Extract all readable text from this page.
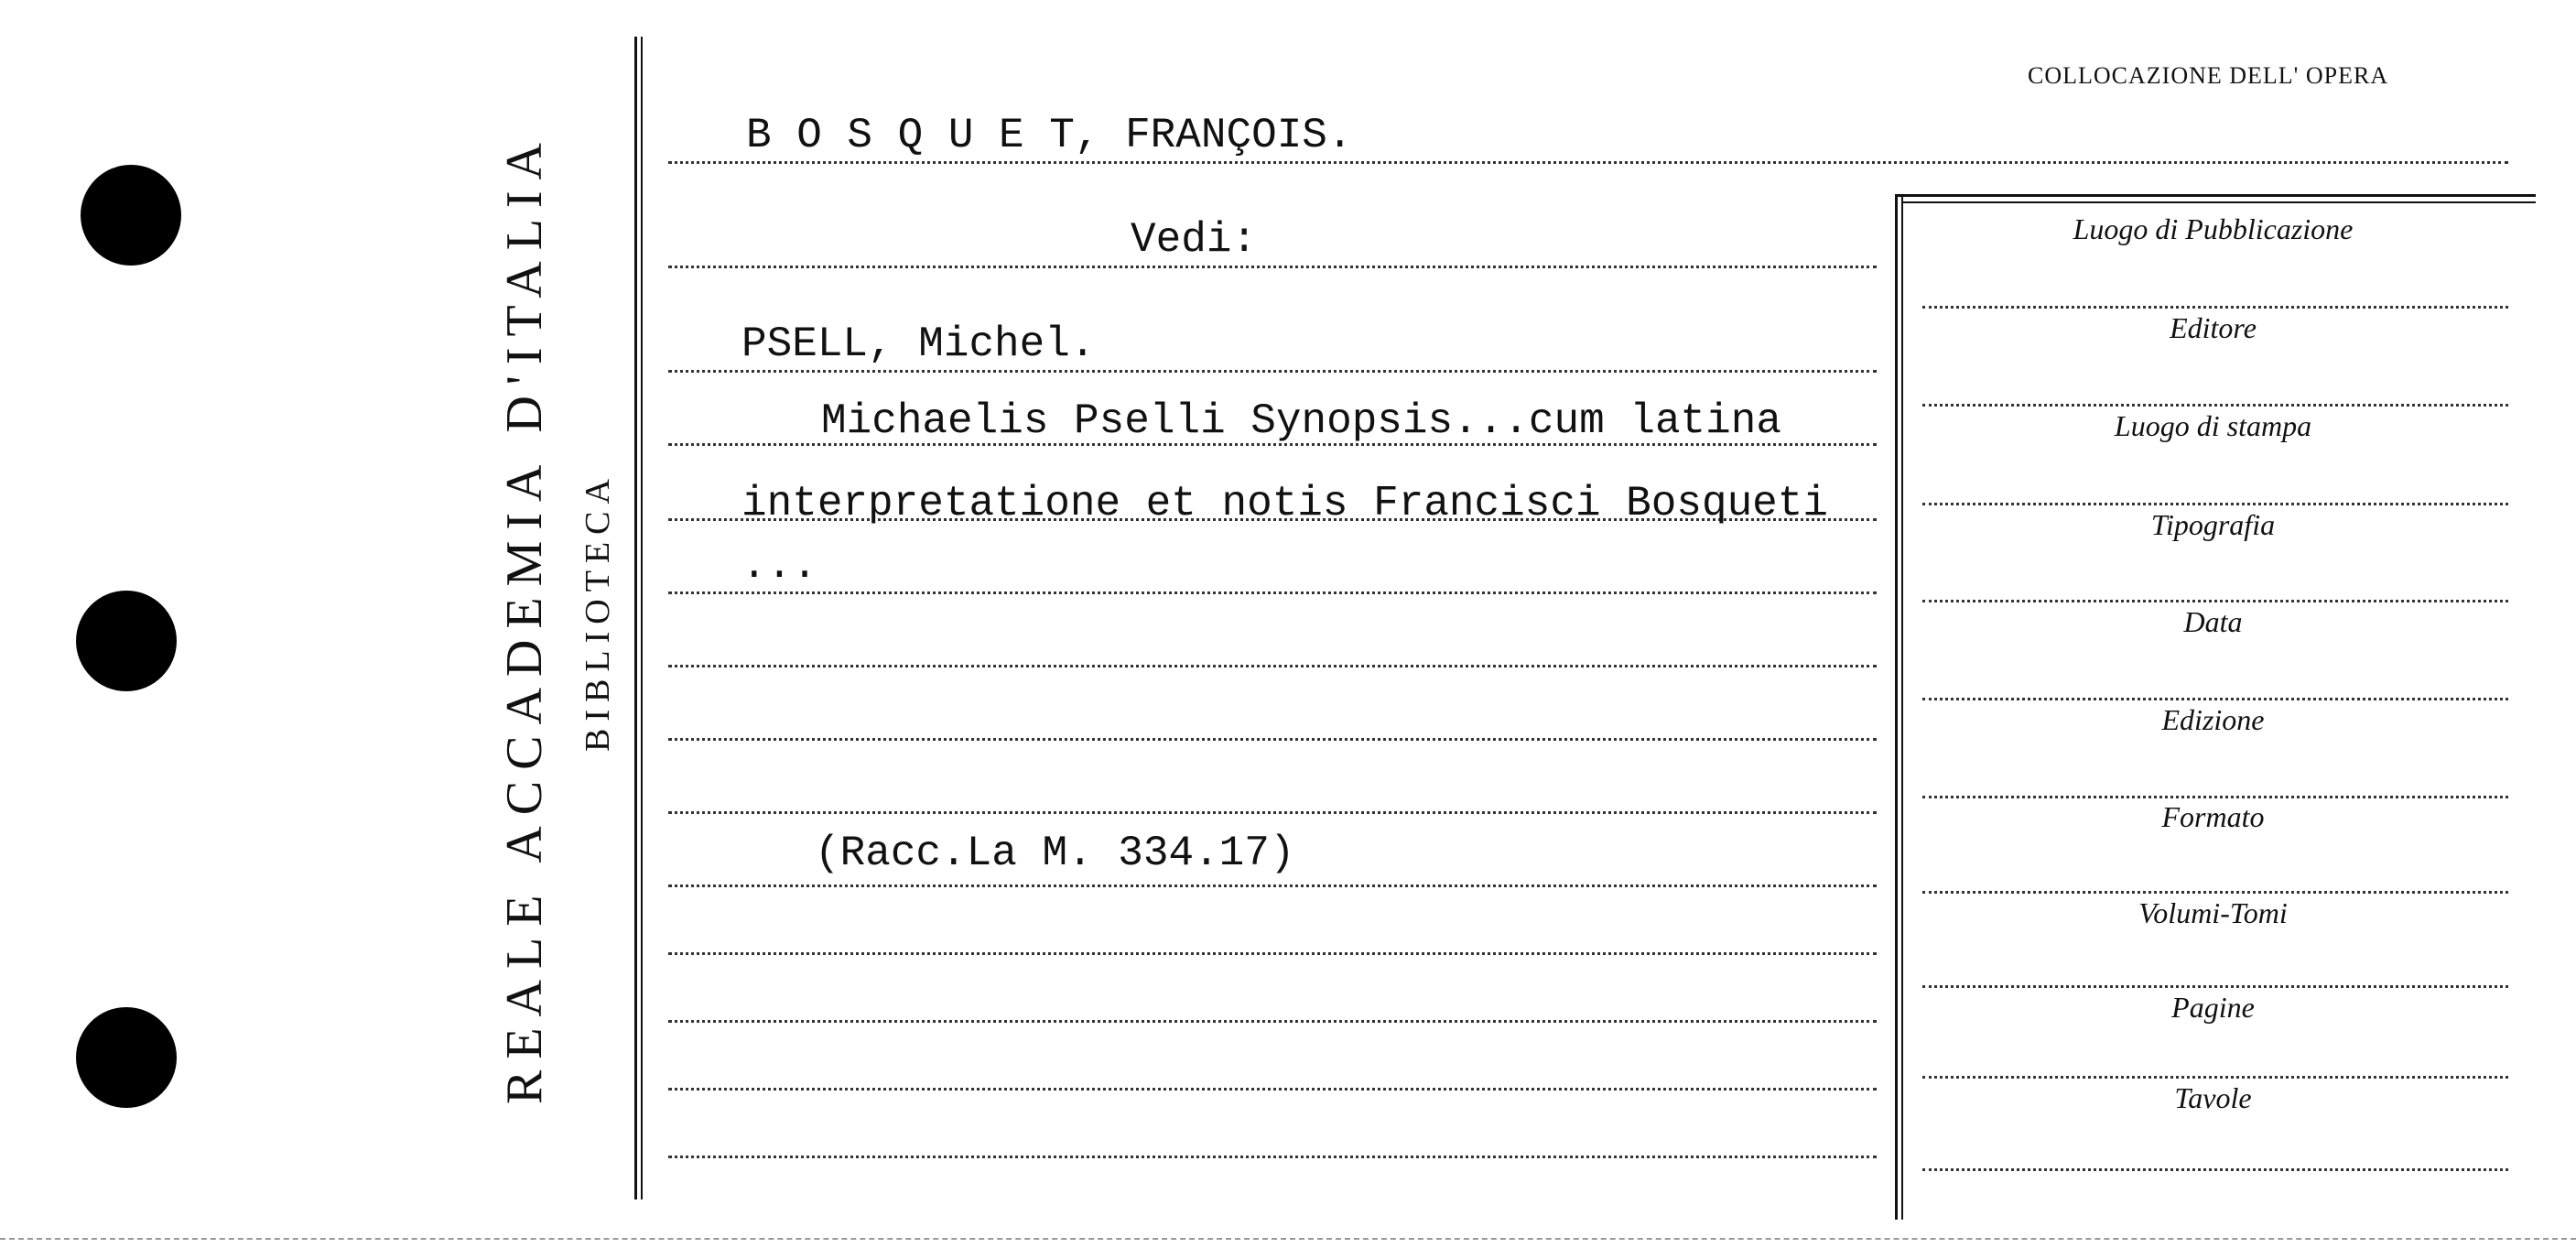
REALE ACCADEMIA D'ITALIA BIBLIOTECA
B O S Q U E T, FRANÇOIS.
Vedi:
PSELL, Michel.
Michaelis Pselli Synopsis...cum latina
interpretatione et notis Francisci Bosqueti
...
(Racc.La M. 334.17)
COLLOCAZIONE DELL' OPERA
Luogo di Pubblicazione
Editore
Luogo di stampa
Tipografia
Data
Edizione
Formato
Volumi-Tomi
Pagine
Tavole
